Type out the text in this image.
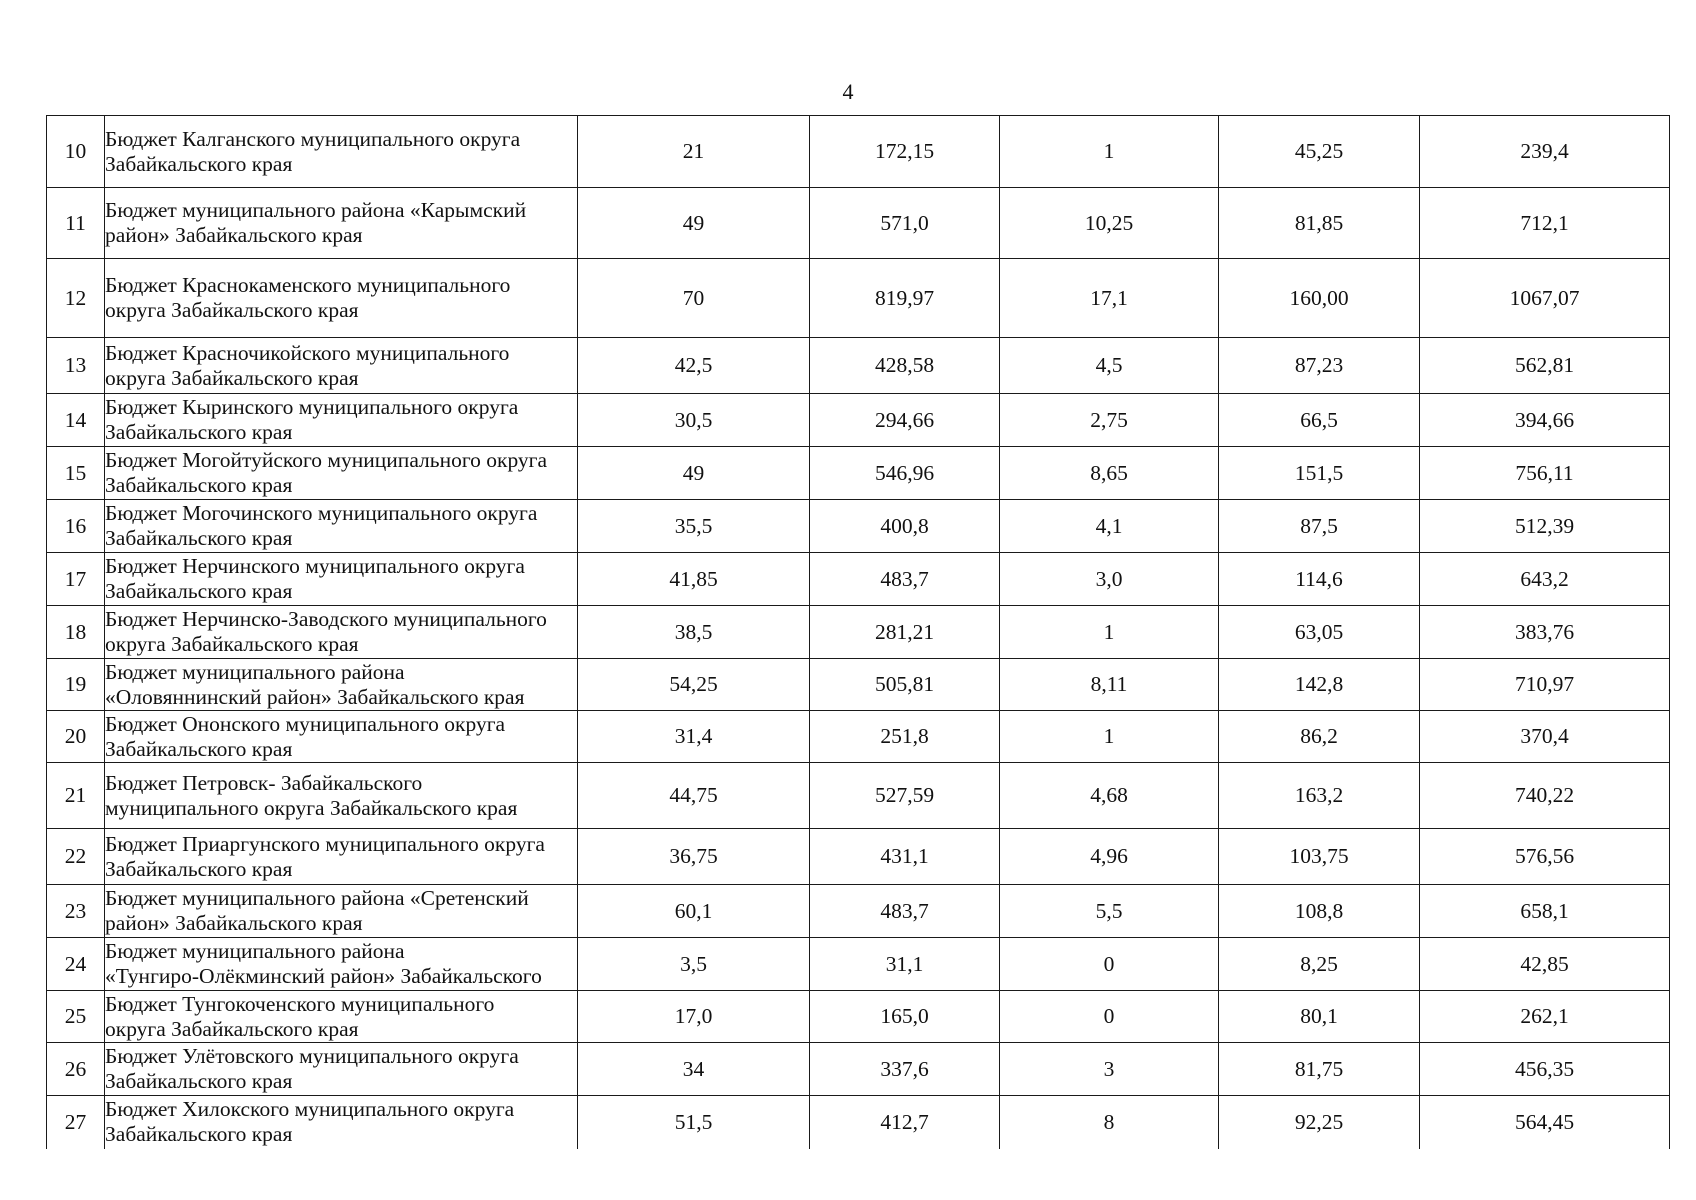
4
10	Бюджет Калганского муниципального округа
Забайкальского края	21	172,15	1	45,25	239,4
11	Бюджет муниципального района «Карымский
район» Забайкальского края	49	571,0	10,25	81,85	712,1
12	Бюджет Краснокаменского муниципального
округа Забайкальского края	70	819,97	17,1	160,00	1067,07
13	Бюджет Красночикойского муниципального
округа Забайкальского края	42,5	428,58	4,5	87,23	562,81
14	Бюджет Кыринского муниципального округа
Забайкальского края	30,5	294,66	2,75	66,5	394,66
15	Бюджет Могойтуйского муниципального округа
Забайкальского края	49	546,96	8,65	151,5	756,11
16	Бюджет Могочинского муниципального округа
Забайкальского края	35,5	400,8	4,1	87,5	512,39
17	Бюджет Нерчинского муниципального округа
Забайкальского края	41,85	483,7	3,0	114,6	643,2
18	Бюджет Нерчинско-Заводского муниципального
округа Забайкальского края	38,5	281,21	1	63,05	383,76
19	Бюджет муниципального района
«Оловяннинский район» Забайкальского края	54,25	505,81	8,11	142,8	710,97
20	Бюджет Ононского муниципального округа
Забайкальского края	31,4	251,8	1	86,2	370,4
21	Бюджет Петровск- Забайкальского
муниципального округа Забайкальского края	44,75	527,59	4,68	163,2	740,22
22	Бюджет Приаргунского муниципального округа
Забайкальского края	36,75	431,1	4,96	103,75	576,56
23	Бюджет муниципального района «Сретенский
район» Забайкальского края	60,1	483,7	5,5	108,8	658,1
24	Бюджет муниципального района
«Тунгиро-Олёкминский район» Забайкальского	3,5	31,1	0	8,25	42,85
25	Бюджет Тунгокоченского муниципального
округа Забайкальского края	17,0	165,0	0	80,1	262,1
26	Бюджет Улётовского муниципального округа
Забайкальского края	34	337,6	3	81,75	456,35
27	Бюджет Хилокского муниципального округа
Забайкальского края	51,5	412,7	8	92,25	564,45
